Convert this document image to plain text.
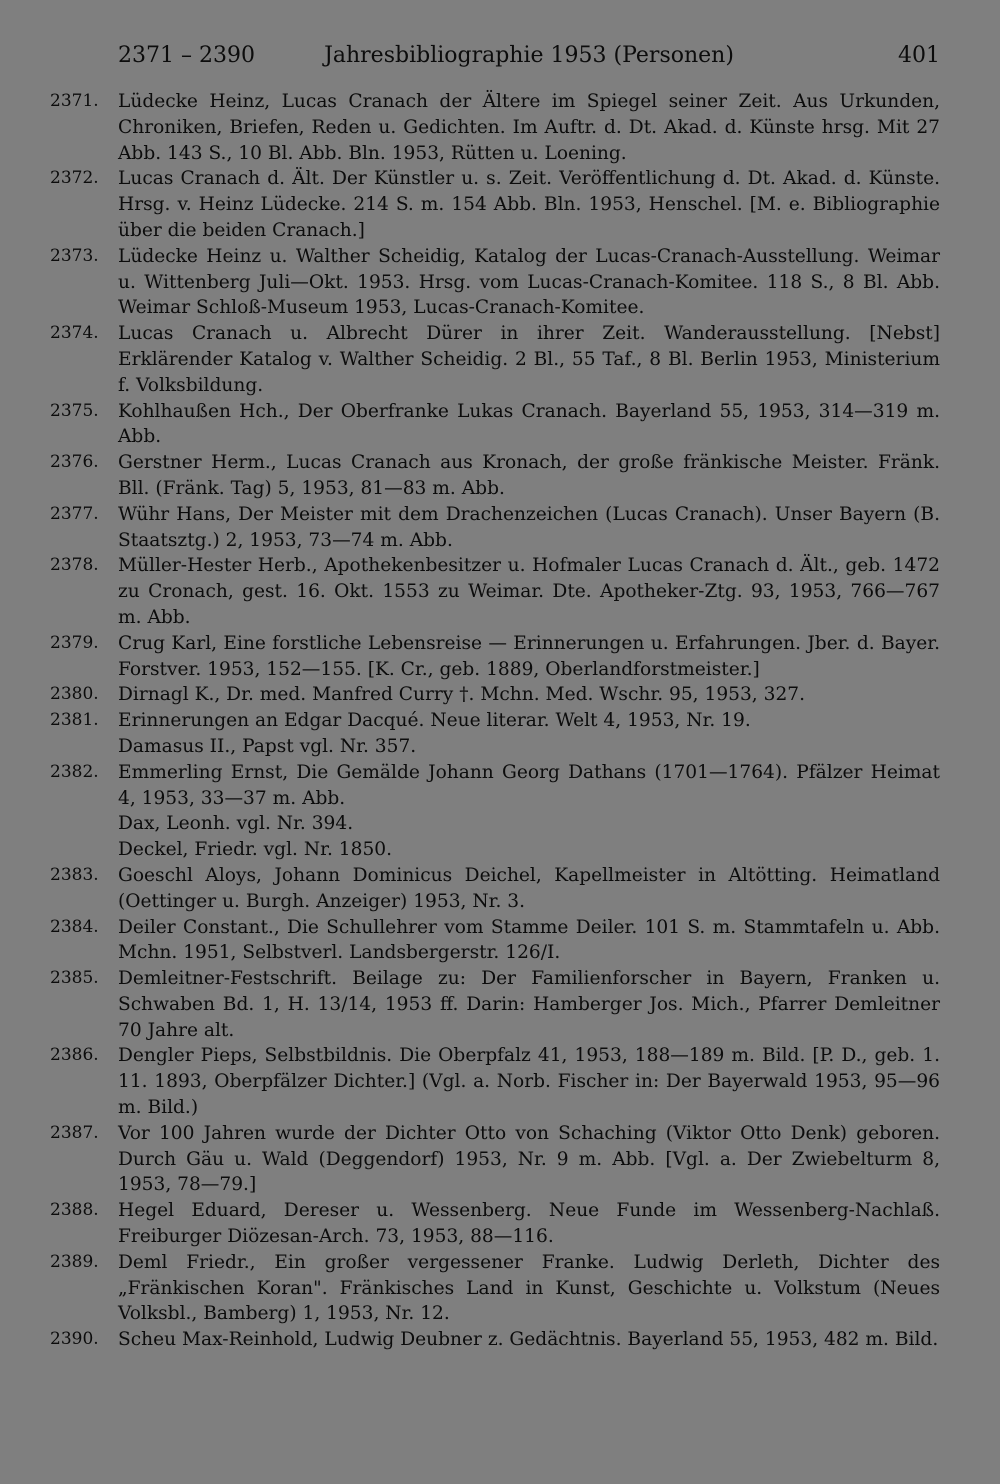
2371 – 2390	Jahresbibliographie 1953 (Personen)	401
2371.	Lüdecke Heinz, Lucas Cranach der Ältere im Spiegel seiner Zeit. Aus Urkunden, Chroniken, Briefen, Reden u. Gedichten. Im Auftr. d. Dt. Akad. d. Künste hrsg. Mit 27 Abb. 143 S., 10 Bl. Abb. Bln. 1953, Rütten u. Loening.
2372.	Lucas Cranach d. Ält. Der Künstler u. s. Zeit. Veröffentlichung d. Dt. Akad. d. Künste. Hrsg. v. Heinz Lüdecke. 214 S. m. 154 Abb. Bln. 1953, Henschel. [M. e. Bibliographie über die beiden Cranach.]
2373.	Lüdecke Heinz u. Walther Scheidig, Katalog der Lucas-Cranach-Ausstellung. Weimar u. Wittenberg Juli—Okt. 1953. Hrsg. vom Lucas-Cranach-Komitee. 118 S., 8 Bl. Abb. Weimar Schloß-Museum 1953, Lucas-Cranach-Komitee.
2374.	Lucas Cranach u. Albrecht Dürer in ihrer Zeit. Wanderausstellung. [Nebst] Erklärender Katalog v. Walther Scheidig. 2 Bl., 55 Taf., 8 Bl. Berlin 1953, Ministerium f. Volksbildung.
2375.	Kohlhaußen Hch., Der Oberfranke Lukas Cranach. Bayerland 55, 1953, 314—319 m. Abb.
2376.	Gerstner Herm., Lucas Cranach aus Kronach, der große fränkische Meister. Fränk. Bll. (Fränk. Tag) 5, 1953, 81—83 m. Abb.
2377.	Wühr Hans, Der Meister mit dem Drachenzeichen (Lucas Cranach). Unser Bayern (B. Staatsztg.) 2, 1953, 73—74 m. Abb.
2378.	Müller-Hester Herb., Apothekenbesitzer u. Hofmaler Lucas Cranach d. Ält., geb. 1472 zu Cronach, gest. 16. Okt. 1553 zu Weimar. Dte. Apotheker-Ztg. 93, 1953, 766—767 m. Abb.
2379.	Crug Karl, Eine forstliche Lebensreise — Erinnerungen u. Erfahrungen. Jber. d. Bayer. Forstver. 1953, 152—155. [K. Cr., geb. 1889, Oberlandforstmeister.]
2380.	Dirnagl K., Dr. med. Manfred Curry †. Mchn. Med. Wschr. 95, 1953, 327.
2381.	Erinnerungen an Edgar Dacqué. Neue literar. Welt 4, 1953, Nr. 19.
Damasus II., Papst vgl. Nr. 357.
2382.	Emmerling Ernst, Die Gemälde Johann Georg Dathans (1701—1764). Pfälzer Heimat 4, 1953, 33—37 m. Abb.
Dax, Leonh. vgl. Nr. 394.
Deckel, Friedr. vgl. Nr. 1850.
2383.	Goeschl Aloys, Johann Dominicus Deichel, Kapellmeister in Altötting. Heimatland (Oettinger u. Burgh. Anzeiger) 1953, Nr. 3.
2384.	Deiler Constant., Die Schullehrer vom Stamme Deiler. 101 S. m. Stammtafeln u. Abb. Mchn. 1951, Selbstverl. Landsbergerstr. 126/I.
2385.	Demleitner-Festschrift. Beilage zu: Der Familienforscher in Bayern, Franken u. Schwaben Bd. 1, H. 13/14, 1953 ff. Darin: Hamberger Jos. Mich., Pfarrer Demleitner 70 Jahre alt.
2386.	Dengler Pieps, Selbstbildnis. Die Oberpfalz 41, 1953, 188—189 m. Bild. [P. D., geb. 1. 11. 1893, Oberpfälzer Dichter.] (Vgl. a. Norb. Fischer in: Der Bayerwald 1953, 95—96 m. Bild.)
2387.	Vor 100 Jahren wurde der Dichter Otto von Schaching (Viktor Otto Denk) geboren. Durch Gäu u. Wald (Deggendorf) 1953, Nr. 9 m. Abb. [Vgl. a. Der Zwiebelturm 8, 1953, 78—79.]
2388.	Hegel Eduard, Dereser u. Wessenberg. Neue Funde im Wessenberg-Nachlaß. Freiburger Diözesan-Arch. 73, 1953, 88—116.
2389.	Deml Friedr., Ein großer vergessener Franke. Ludwig Derleth, Dichter des „Fränkischen Koran". Fränkisches Land in Kunst, Geschichte u. Volkstum (Neues Volksbl., Bamberg) 1, 1953, Nr. 12.
2390.	Scheu Max-Reinhold, Ludwig Deubner z. Gedächtnis. Bayerland 55, 1953, 482 m. Bild.
